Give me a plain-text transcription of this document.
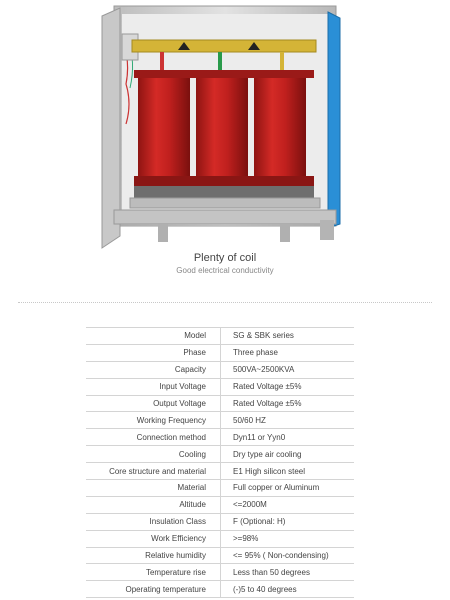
Plenty of coil
Good electrical conductivity
Model	SG & SBK series
Phase	Three phase
Capacity	500VA~2500KVA
Input Voltage	Rated Voltage ±5%
Output Voltage	Rated Voltage ±5%
Working Frequency	50/60 HZ
Connection method	Dyn11 or Yyn0
Cooling	Dry type air cooling
Core structure and material	E1 High silicon steel
Material	Full copper or Aluminum
Altitude	<=2000M
Insulation Class	F (Optional: H)
Work Efficiency	>=98%
Relative humidity	<= 95% ( Non-condensing)
Temperature rise	Less than 50 degrees
Operating temperature	(-)5 to 40 degrees
